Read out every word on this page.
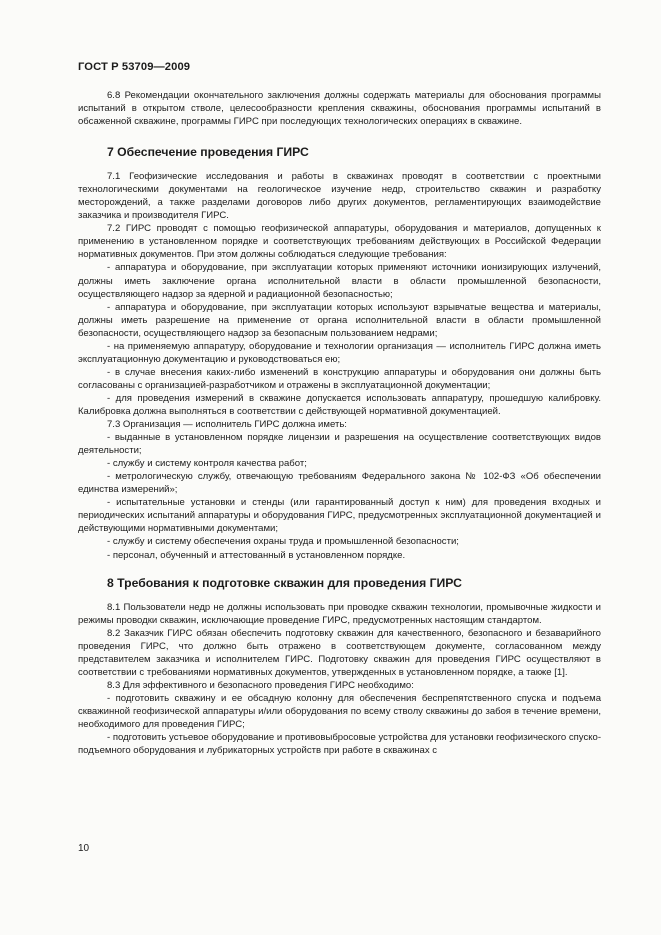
ГОСТ Р 53709—2009

6.8 Рекомендации окончательного заключения должны содержать материалы для обоснования программы испытаний в открытом стволе, целесообразности крепления скважины, обоснования программы испытаний в обсаженной скважине, программы ГИРС при последующих технологических операциях в скважине.

7 Обеспечение проведения ГИРС

7.1 Геофизические исследования и работы в скважинах проводят в соответствии с проектными технологическими документами на геологическое изучение недр, строительство скважин и разработку месторождений, а также разделами договоров либо других документов, регламентирующих взаимодействие заказчика и производителя ГИРС.

7.2 ГИРС проводят с помощью геофизической аппаратуры, оборудования и материалов, допущенных к применению в установленном порядке и соответствующих требованиям действующих в Российской Федерации нормативных документов. При этом должны соблюдаться следующие требования:

- аппаратура и оборудование, при эксплуатации которых применяют источники ионизирующих излучений, должны иметь заключение органа исполнительной власти в области промышленной безопасности, осуществляющего надзор за ядерной и радиационной безопасностью;

- аппаратура и оборудование, при эксплуатации которых используют взрывчатые вещества и материалы, должны иметь разрешение на применение от органа исполнительной власти в области промышленной безопасности, осуществляющего надзор за безопасным пользованием недрами;

- на применяемую аппаратуру, оборудование и технологии организация — исполнитель ГИРС должна иметь эксплуатационную документацию и руководствоваться ею;

- в случае внесения каких-либо изменений в конструкцию аппаратуры и оборудования они должны быть согласованы с организацией-разработчиком и отражены в эксплуатационной документации;

- для проведения измерений в скважине допускается использовать аппаратуру, прошедшую калибровку. Калибровка должна выполняться в соответствии с действующей нормативной документацией.

7.3 Организация — исполнитель ГИРС должна иметь:

- выданные в установленном порядке лицензии и разрешения на осуществление соответствующих видов деятельности;

- службу и систему контроля качества работ;

- метрологическую службу, отвечающую требованиям Федерального закона № 102-ФЗ «Об обеспечении единства измерений»;

- испытательные установки и стенды (или гарантированный доступ к ним) для проведения входных и периодических испытаний аппаратуры и оборудования ГИРС, предусмотренных эксплуатационной документацией и действующими нормативными документами;

- службу и систему обеспечения охраны труда и промышленной безопасности;

- персонал, обученный и аттестованный в установленном порядке.

8 Требования к подготовке скважин для проведения ГИРС

8.1 Пользователи недр не должны использовать при проводке скважин технологии, промывочные жидкости и режимы проводки скважин, исключающие проведение ГИРС, предусмотренных настоящим стандартом.

8.2 Заказчик ГИРС обязан обеспечить подготовку скважин для качественного, безопасного и безаварийного проведения ГИРС, что должно быть отражено в соответствующем документе, согласованном между представителем заказчика и исполнителем ГИРС. Подготовку скважин для проведения ГИРС осуществляют в соответствии с требованиями нормативных документов, утвержденных в установленном порядке, а также [1].

8.3 Для эффективного и безопасного проведения ГИРС необходимо:

- подготовить скважину и ее обсадную колонну для обеспечения беспрепятственного спуска и подъема скважинной геофизической аппаратуры и/или оборудования по всему стволу скважины до забоя в течение времени, необходимого для проведения ГИРС;

- подготовить устьевое оборудование и противовыбросовые устройства для установки геофизического спуско-подъемного оборудования и лубрикаторных устройств при работе в скважинах с

10
